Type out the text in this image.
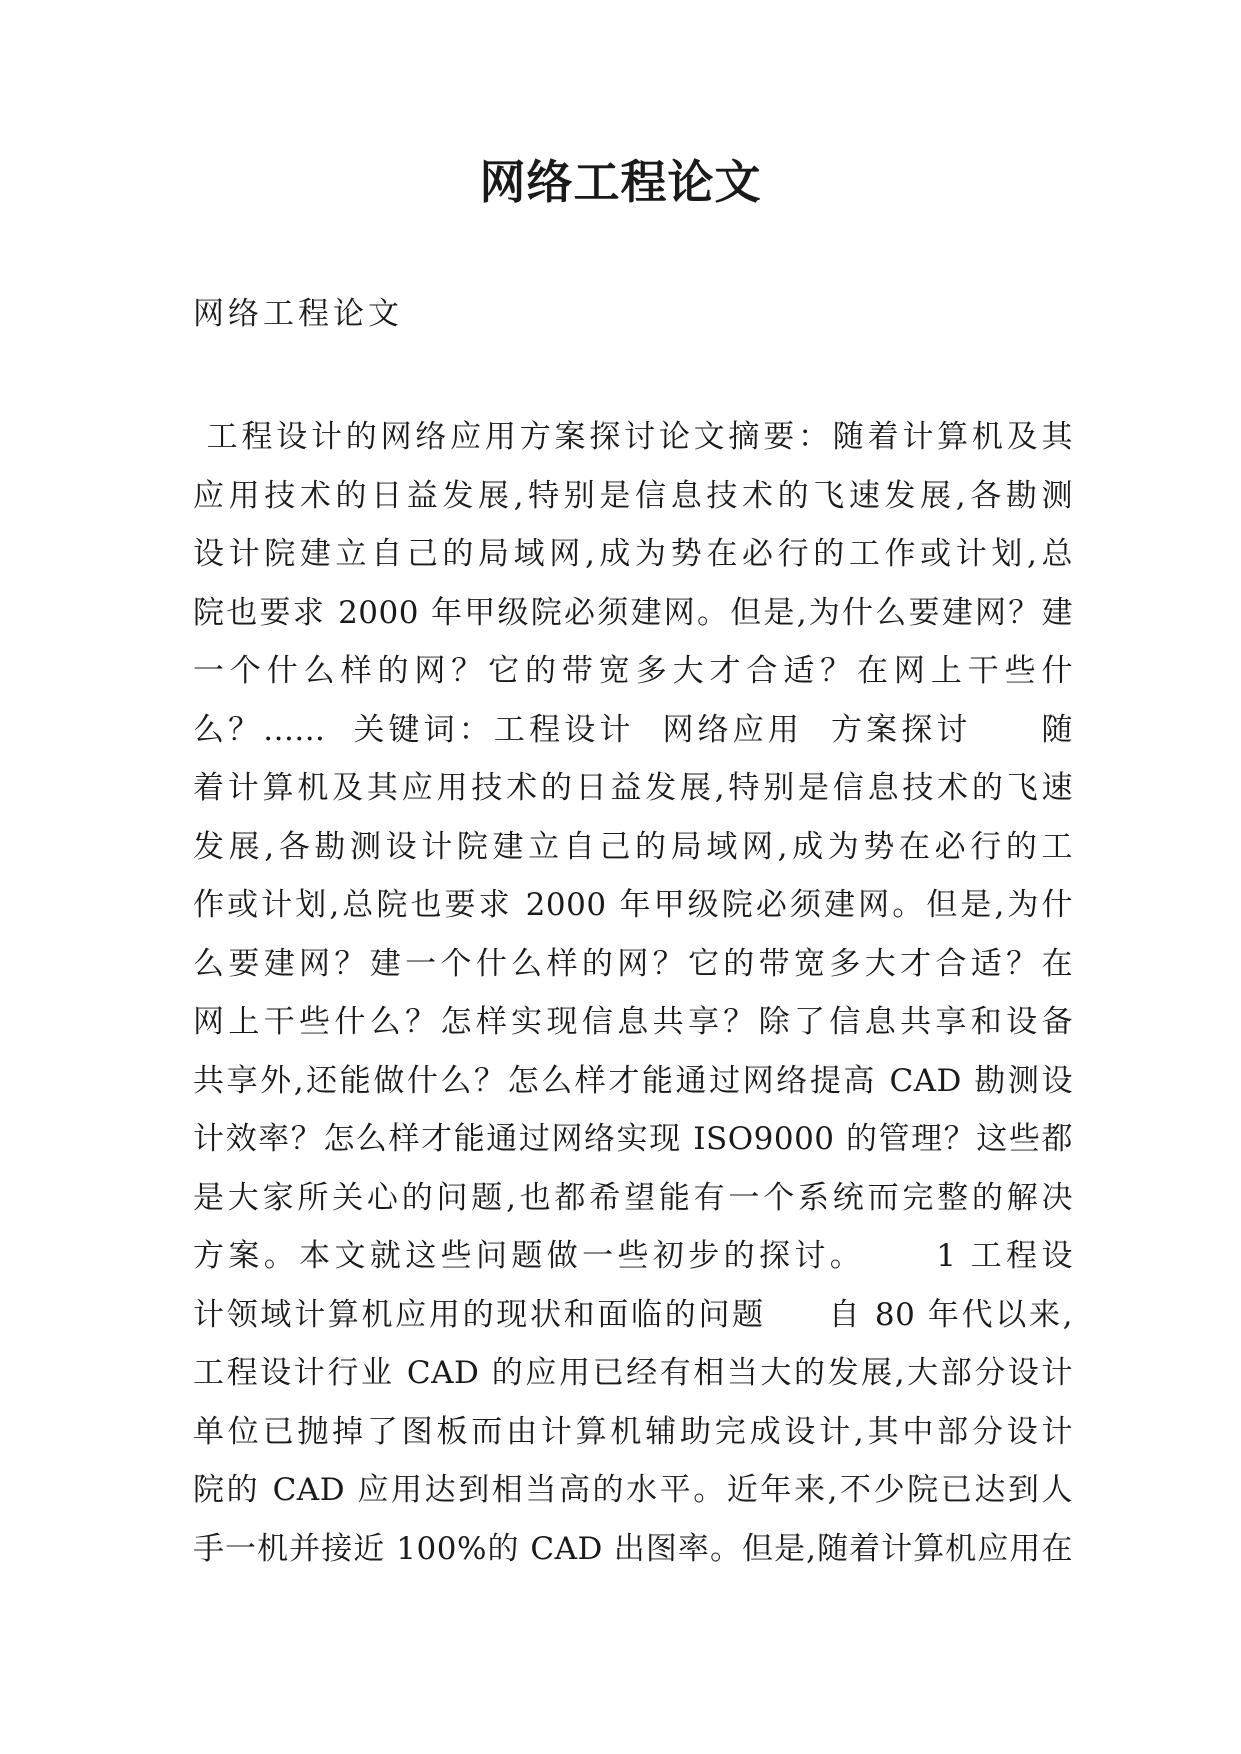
网络工程论文

网络工程论文

工程设计的网络应用方案探讨论文摘要：随着计算机及其
应用技术的日益发展,特别是信息技术的飞速发展,各勘测
设计院建立自己的局域网,成为势在必行的工作或计划,总
院也要求 2000 年甲级院必须建网。但是,为什么要建网？建
一个什么样的网？它的带宽多大才合适？在网上干些什
么？......  关键词：工程设计  网络应用  方案探讨     随
着计算机及其应用技术的日益发展,特别是信息技术的飞速
发展,各勘测设计院建立自己的局域网,成为势在必行的工
作或计划,总院也要求 2000 年甲级院必须建网。但是,为什
么要建网？建一个什么样的网？它的带宽多大才合适？在
网上干些什么？怎样实现信息共享？除了信息共享和设备
共享外,还能做什么？怎么样才能通过网络提高 CAD 勘测设
计效率？怎么样才能通过网络实现 ISO9000 的管理？这些都
是大家所关心的问题,也都希望能有一个系统而完整的解决
方案。本文就这些问题做一些初步的探讨。     1 工程设
计领域计算机应用的现状和面临的问题     自 80 年代以来,
工程设计行业 CAD 的应用已经有相当大的发展,大部分设计
单位已抛掉了图板而由计算机辅助完成设计,其中部分设计
院的 CAD 应用达到相当高的水平。近年来,不少院已达到人
手一机并接近 100%的 CAD 出图率。但是,随着计算机应用在
